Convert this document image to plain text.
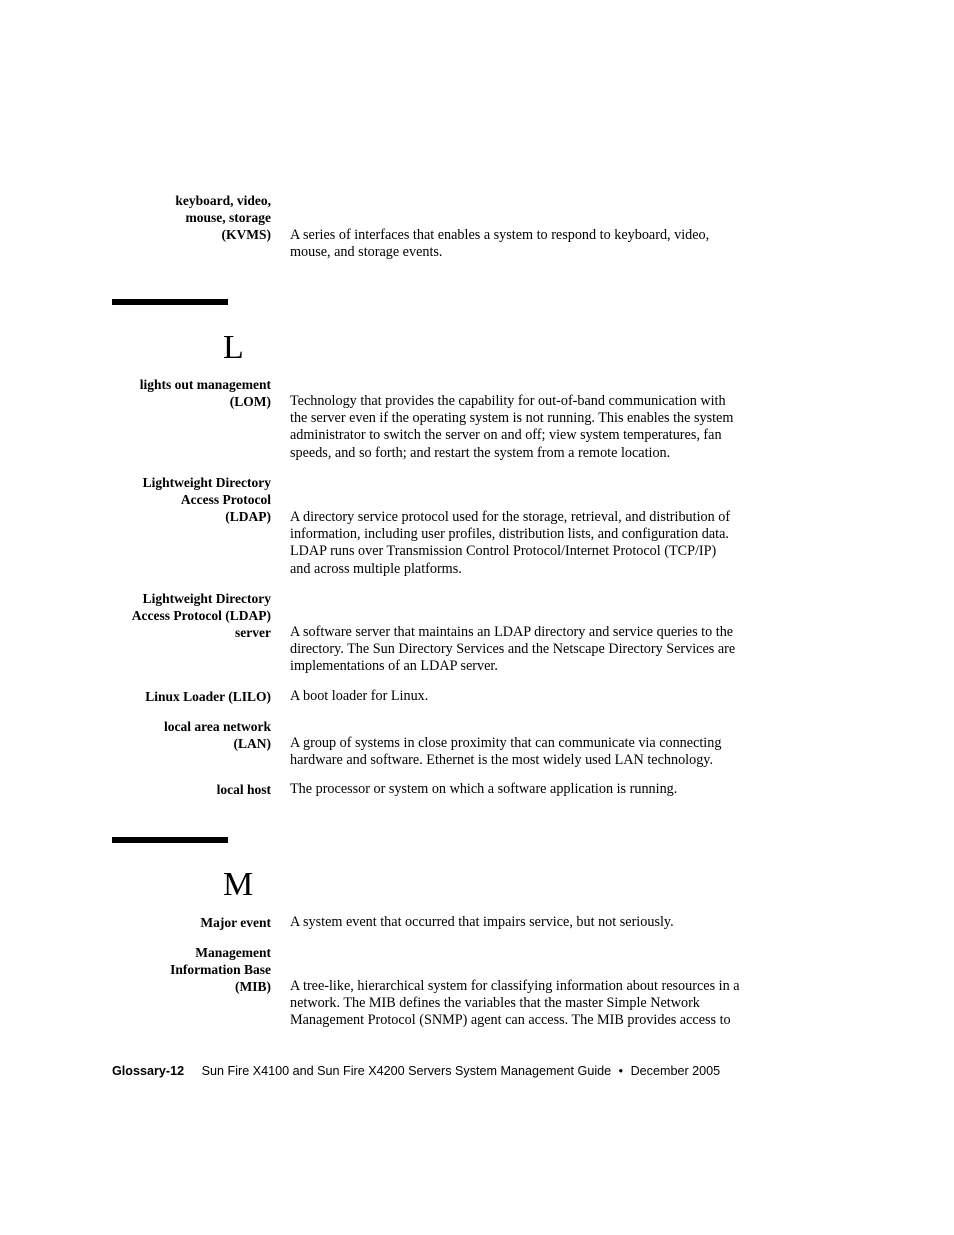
keyboard, video,
mouse, storage
(KVMS) A series of interfaces that enables a system to respond to keyboard, video,
mouse, and storage events.
L
lights out management
(LOM) Technology that provides the capability for out-of-band communication with
the server even if the operating system is not running. This enables the system
administrator to switch the server on and off; view system temperatures, fan
speeds, and so forth; and restart the system from a remote location.
Lightweight Directory
Access Protocol
(LDAP) A directory service protocol used for the storage, retrieval, and distribution of
information, including user profiles, distribution lists, and configuration data.
LDAP runs over Transmission Control Protocol/Internet Protocol (TCP/IP)
and across multiple platforms.
Lightweight Directory
Access Protocol (LDAP)
server A software server that maintains an LDAP directory and service queries to the
directory. The Sun Directory Services and the Netscape Directory Services are
implementations of an LDAP server.
Linux Loader (LILO) A boot loader for Linux.
local area network
(LAN) A group of systems in close proximity that can communicate via connecting
hardware and software. Ethernet is the most widely used LAN technology.
local host The processor or system on which a software application is running.
M
Major event A system event that occurred that impairs service, but not seriously.
Management
Information Base
(MIB) A tree-like, hierarchical system for classifying information about resources in a
network. The MIB defines the variables that the master Simple Network
Management Protocol (SNMP) agent can access. The MIB provides access to
Glossary-12 Sun Fire X4100 and Sun Fire X4200 Servers System Management Guide • December 2005
